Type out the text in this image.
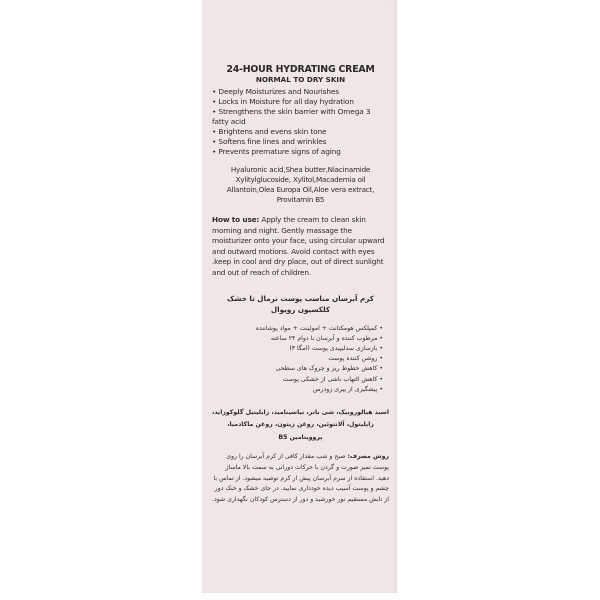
24-HOUR HYDRATING CREAM
NORMAL TO DRY SKIN
• Deeply Moisturizes and Nourishes
• Locks in Moisture for all day hydration
• Strengthens the skin barrier with Omega 3 fatty acid
• Brightens and evens skin tone
• Softens fine lines and wrinkles
• Prevents premature signs of aging
Hyaluronic acid,Shea butter,Niacinamide Xylitylglucoside, Xylitol,Macademia oil Allantoin,Olea Europa Oil,Aloe vera extract, Provitamin B5
How to use: Apply the cream to clean skin morning and night. Gently massage the moisturizer onto your face, using circular upward and outward motions. Avoid contact with eyes .keep in cool and dry place, out of direct sunlight and out of reach of children.
کرم آبرسان مناسب پوست نرمال تا خشک
کلکسیون رویوال
• کمپلکس هومکتانت + امولینت + مواد پوشاننده
• مرطوب کننده و آبرسان با دوام ۲۴ ساعته
• بازسازی سدلیپیدی پوست (امگا ۳)
• روشن کننده پوست
• کاهش خطوط ریز و چروک های سطحی
• کاهش التهاب ناشی از خشکی پوست
• پیشگیری از پیری زودرس
اسید هیالورونیک، شی باتر، نیاسینامید، زایلیتیل گلوکوزاید، زایلیتول، آلانتوئین، روغن زیتون، روغن ماکادمیا، پروویتامین B5
روش مصرف: صبح و شب مقدار کافی از کرم آبرسان را روی پوست تمیز صورت و گردن با حرکات دورانی به سمت بالا ماساژ دهید. استفاده از سرم آبرسان پیش از کرم توصیه میشود. از تماس با چشم و پوست آسیب دیده خودداری نمایید. در جای خشک و خنک دور از تابش مستقیم نور خورشید و دور از دسترس کودکان نگهداری شود.
